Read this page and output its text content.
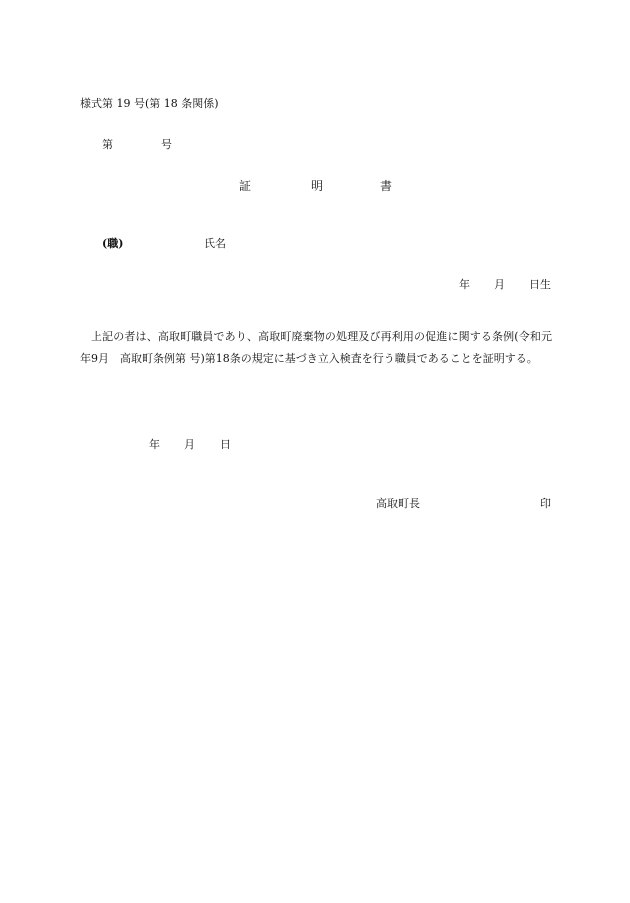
様式第 19 号(第 18 条関係)
第	号
証	明	書
(職)	氏名
年 月 日生
上記の者は、高取町職員であり、高取町廃棄物の処理及び再利用の促進に関する条例(令和元年9月　高取町条例第 号)第18条の規定に基づき立入検査を行う職員であることを証明する。
年 月 日
高取町長	印
